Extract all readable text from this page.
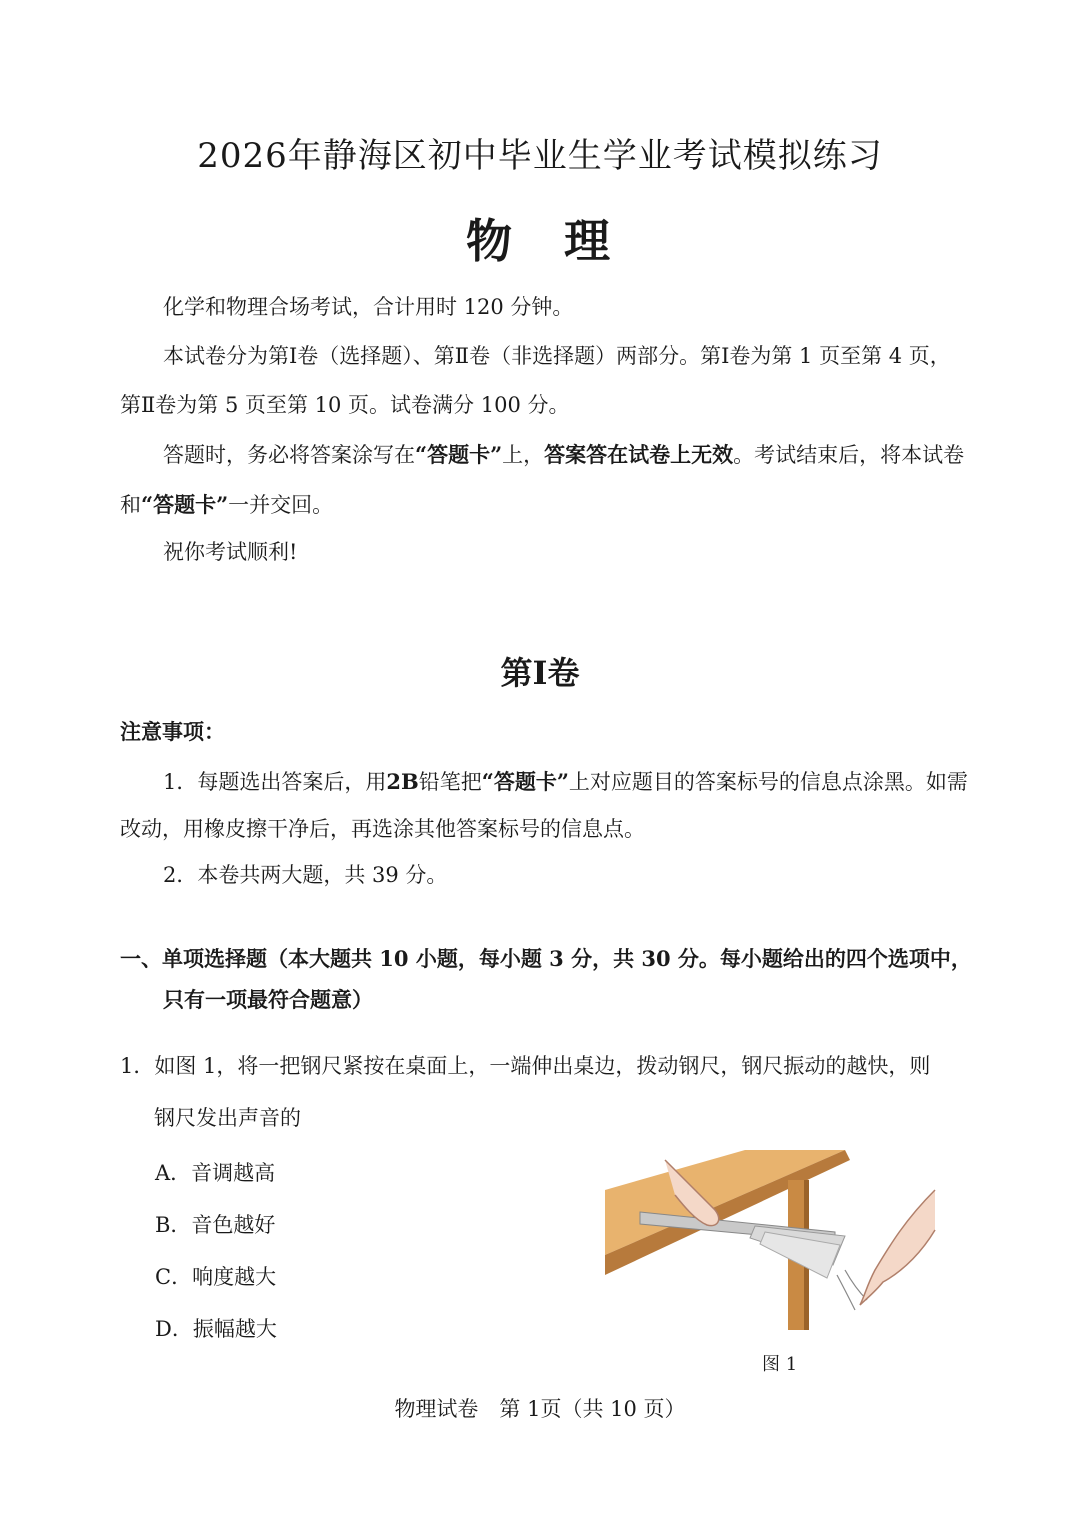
2026年静海区初中毕业生学业考试模拟练习
物 理
化学和物理合场考试，合计用时 120 分钟。
本试卷分为第Ⅰ卷（选择题）、第Ⅱ卷（非选择题）两部分。第Ⅰ卷为第 1 页至第 4 页，第Ⅱ卷为第 5 页至第 10 页。试卷满分 100 分。
答题时，务必将答案涂写在“答题卡”上，答案答在试卷上无效。考试结束后，将本试卷和“答题卡”一并交回。
祝你考试顺利!
第Ⅰ卷
注意事项：
1．每题选出答案后，用2B铅笔把“答题卡”上对应题目的答案标号的信息点涂黑。如需改动，用橡皮擦干净后，再选涂其他答案标号的信息点。
2．本卷共两大题，共 39 分。
一、单项选择题（本大题共 10 小题，每小题 3 分，共 30 分。每小题给出的四个选项中，
只有一项最符合题意）
1．如图 1，将一把钢尺紧按在桌面上，一端伸出桌边，拨动钢尺，钢尺振动的越快，则
钢尺发出声音的
A．音调越高
B．音色越好
C．响度越大
D．振幅越大
图 1
物理试卷　第 1页（共 10 页）
